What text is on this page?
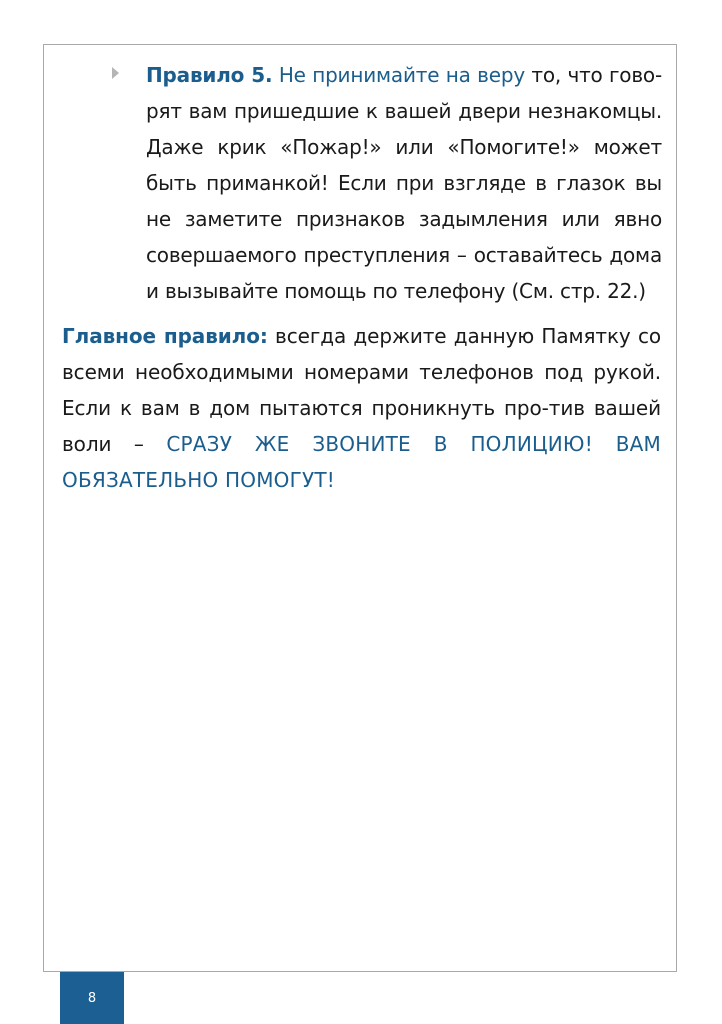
Правило 5. Не принимайте на веру то, что гово-рят вам пришедшие к вашей двери незнакомцы. Даже крик «Пожар!» или «Помогите!» может быть приманкой! Если при взгляде в глазок вы не заметите признаков задымления или явно совершаемого преступления – оставайтесь дома и вызывайте помощь по телефону (См. стр. 22.)

Главное правило: всегда держите данную Памятку со всеми необходимыми номерами телефонов под рукой. Если к вам в дом пытаются проникнуть про-тив вашей воли – СРАЗУ ЖЕ ЗВОНИТЕ В ПОЛИЦИЮ! ВАМ ОБЯЗАТЕЛЬНО ПОМОГУТ!

8
